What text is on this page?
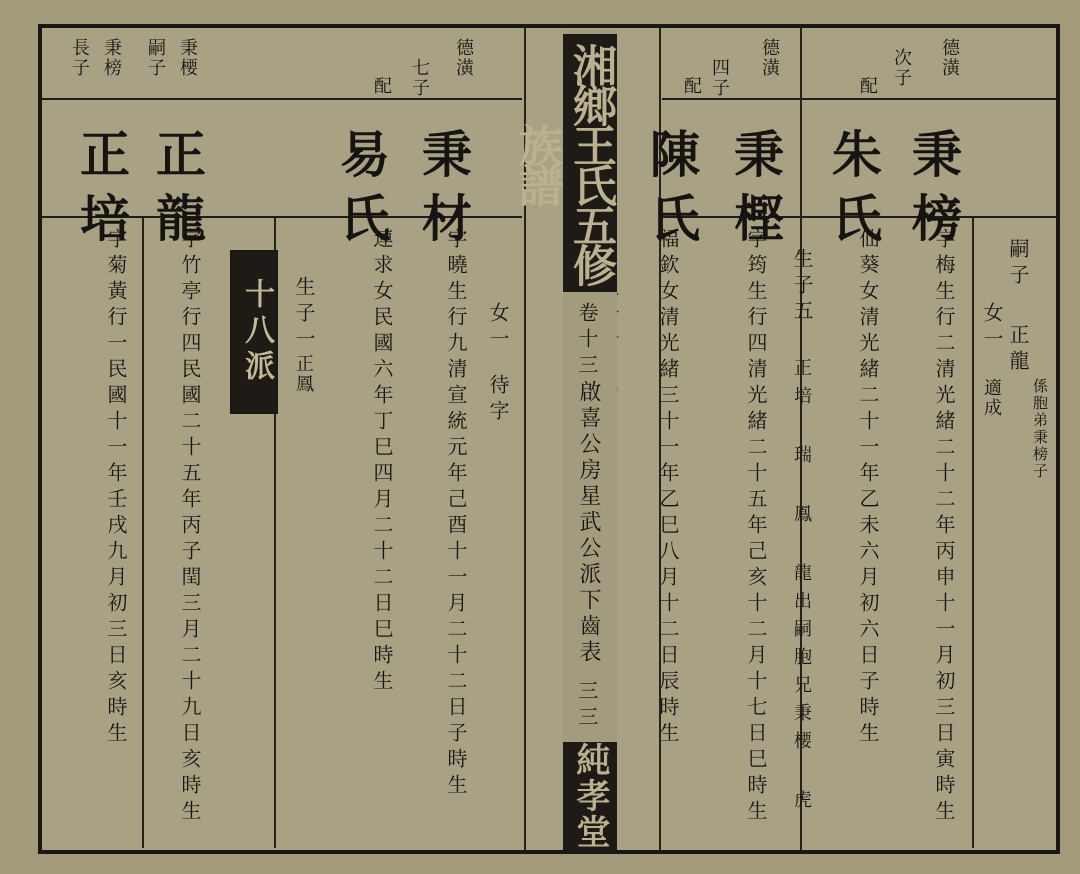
秉楆
嗣子
秉榜
長子	德潢
七子
配
正龍
正培	秉材
易氏
十八派
字竹亭行四民國二十五年丙子閏三月二十九日亥時生
字菊黃行一民國十一年壬戌九月初三日亥時生	字曉生行九清宣統元年己酉十一月二十二日子時生
連求女民國六年丁巳四月二十二日巳時生
生子一
正鳳
女一
待字
德潢
四子
配
德潢
次子
配
秉樫
陳氏	秉榜
朱氏
字筠生行四清光緒二十五年己亥十二月十七日巳時生
福欽女清光緒三十一年乙巳八月十二日辰時生	字梅生行二清光緒二十二年丙申十一月初三日寅時生
仙葵女清光緒二十一年乙未六月初六日子時生
生子五
正培 瑞 鳳 龍出嗣胞兄秉楆 虎
女一
適成
嗣子
正龍
係胞弟秉榜子
湘鄉王氏五修族譜
卷十三
啟喜公房星武公派下齒表
三三
純孝堂
